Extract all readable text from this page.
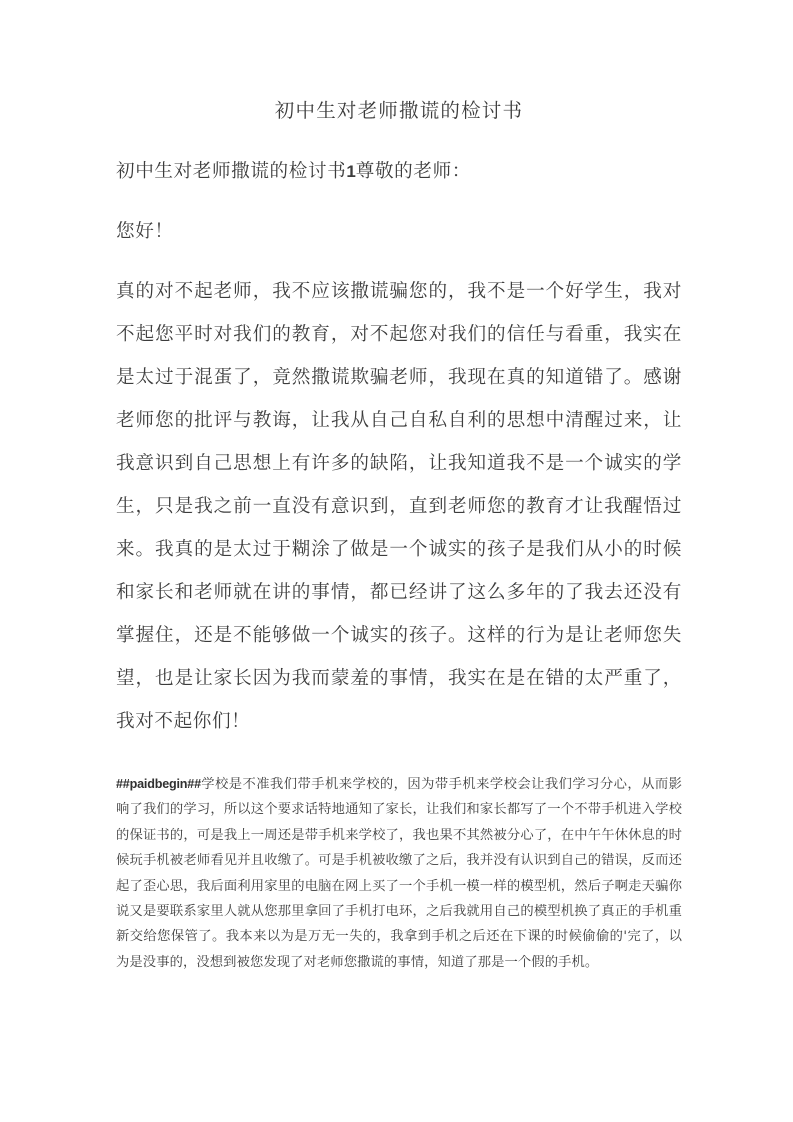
初中生对老师撒谎的检讨书

初中生对老师撒谎的检讨书1尊敬的老师：

您好！

真的对不起老师，我不应该撒谎骗您的，我不是一个好学生，我对不起您平时对我们的教育，对不起您对我们的信任与看重，我实在是太过于混蛋了，竟然撒谎欺骗老师，我现在真的知道错了。感谢老师您的批评与教诲，让我从自己自私自利的思想中清醒过来，让我意识到自己思想上有许多的缺陷，让我知道我不是一个诚实的学生，只是我之前一直没有意识到，直到老师您的教育才让我醒悟过来。我真的是太过于糊涂了做是一个诚实的孩子是我们从小的时候和家长和老师就在讲的事情，都已经讲了这么多年的了我去还没有掌握住，还是不能够做一个诚实的孩子。这样的行为是让老师您失望，也是让家长因为我而蒙羞的事情，我实在是在错的太严重了，我对不起你们！

##paidbegin##学校是不准我们带手机来学校的，因为带手机来学校会让我们学习分心，从而影响了我们的学习，所以这个要求话特地通知了家长，让我们和家长都写了一个不带手机进入学校的保证书的，可是我上一周还是带手机来学校了，我也果不其然被分心了，在中午午休休息的时候玩手机被老师看见并且收缴了。可是手机被收缴了之后，我并没有认识到自己的错误，反而还起了歪心思，我后面利用家里的电脑在网上买了一个手机一模一样的模型机，然后子啊走天骗你说又是要联系家里人就从您那里拿回了手机打电环，之后我就用自己的模型机换了真正的手机重新交给您保管了。我本来以为是万无一失的，我拿到手机之后还在下课的时候偷偷的'完了，以为是没事的，没想到被您发现了对老师您撒谎的事情，知道了那是一个假的手机。
